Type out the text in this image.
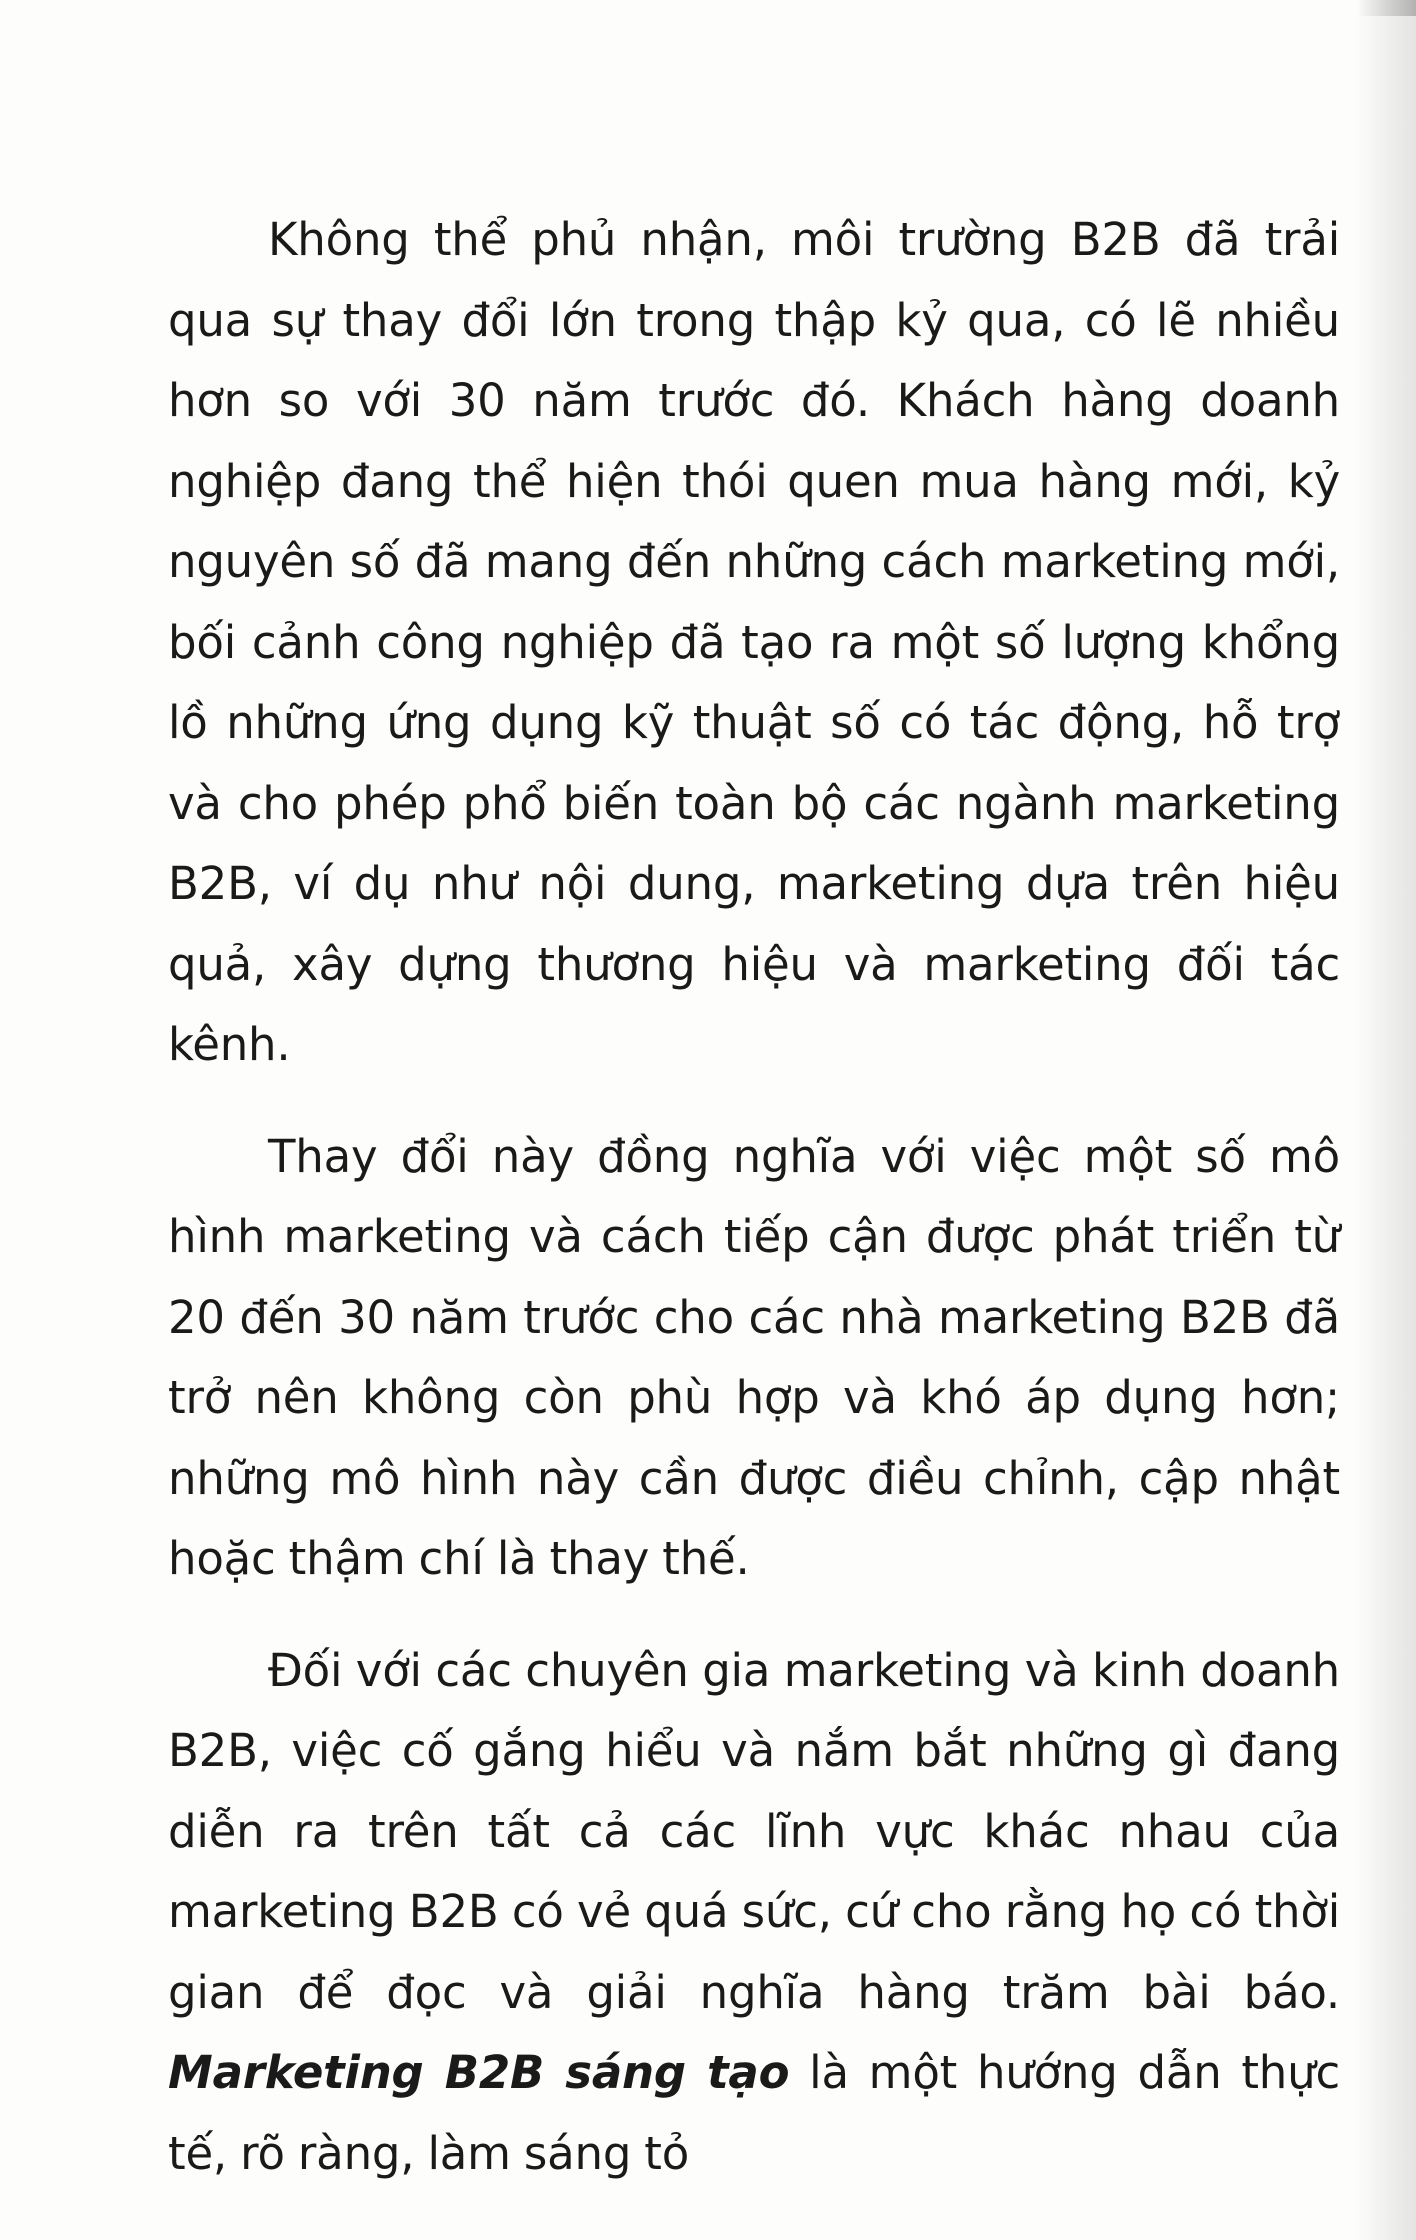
Không thể phủ nhận, môi trường B2B đã trải qua sự thay đổi lớn trong thập kỷ qua, có lẽ nhiều hơn so với 30 năm trước đó. Khách hàng doanh nghiệp đang thể hiện thói quen mua hàng mới, kỷ nguyên số đã mang đến những cách marketing mới, bối cảnh công nghiệp đã tạo ra một số lượng khổng lồ những ứng dụng kỹ thuật số có tác động, hỗ trợ và cho phép phổ biến toàn bộ các ngành marketing B2B, ví dụ như nội dung, marketing dựa trên hiệu quả, xây dựng thương hiệu và marketing đối tác kênh.

Thay đổi này đồng nghĩa với việc một số mô hình marketing và cách tiếp cận được phát triển từ 20 đến 30 năm trước cho các nhà marketing B2B đã trở nên không còn phù hợp và khó áp dụng hơn; những mô hình này cần được điều chỉnh, cập nhật hoặc thậm chí là thay thế.

Đối với các chuyên gia marketing và kinh doanh B2B, việc cố gắng hiểu và nắm bắt những gì đang diễn ra trên tất cả các lĩnh vực khác nhau của marketing B2B có vẻ quá sức, cứ cho rằng họ có thời gian để đọc và giải nghĩa hàng trăm bài báo. Marketing B2B sáng tạo là một hướng dẫn thực tế, rõ ràng, làm sáng tỏ
